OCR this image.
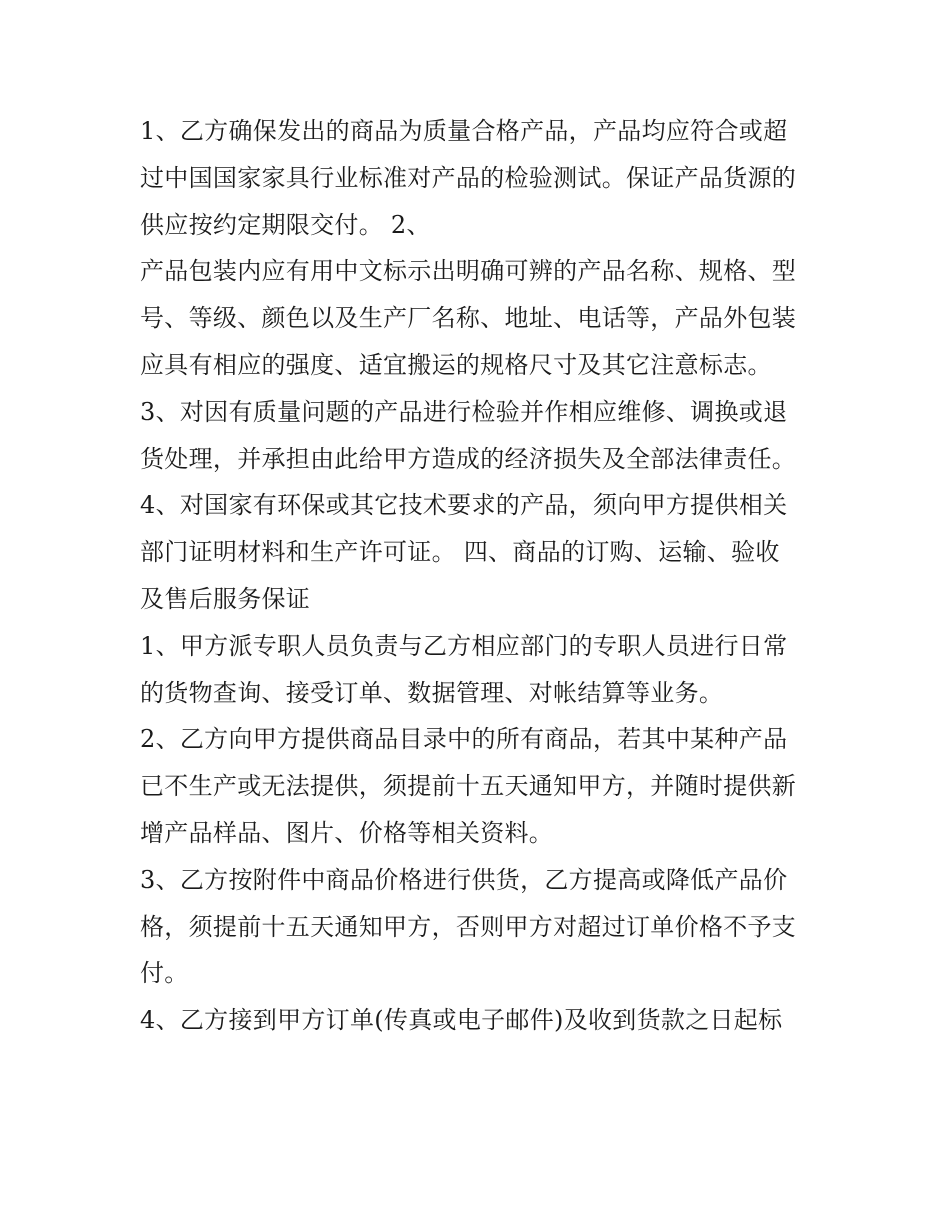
1、乙方确保发出的商品为质量合格产品，产品均应符合或超
过中国国家家具行业标准对产品的检验测试。保证产品货源的
供应按约定期限交付。 2、
产品包装内应有用中文标示出明确可辨的产品名称、规格、型
号、等级、颜色以及生产厂名称、地址、电话等，产品外包装
应具有相应的强度、适宜搬运的规格尺寸及其它注意标志。
3、对因有质量问题的产品进行检验并作相应维修、调换或退
货处理，并承担由此给甲方造成的经济损失及全部法律责任。
4、对国家有环保或其它技术要求的产品，须向甲方提供相关
部门证明材料和生产许可证。 四、商品的订购、运输、验收
及售后服务保证
1、甲方派专职人员负责与乙方相应部门的专职人员进行日常
的货物查询、接受订单、数据管理、对帐结算等业务。
2、乙方向甲方提供商品目录中的所有商品，若其中某种产品
已不生产或无法提供，须提前十五天通知甲方，并随时提供新
增产品样品、图片、价格等相关资料。
3、乙方按附件中商品价格进行供货，乙方提高或降低产品价
格，须提前十五天通知甲方，否则甲方对超过订单价格不予支
付。
4、乙方接到甲方订单(传真或电子邮件)及收到货款之日起标
